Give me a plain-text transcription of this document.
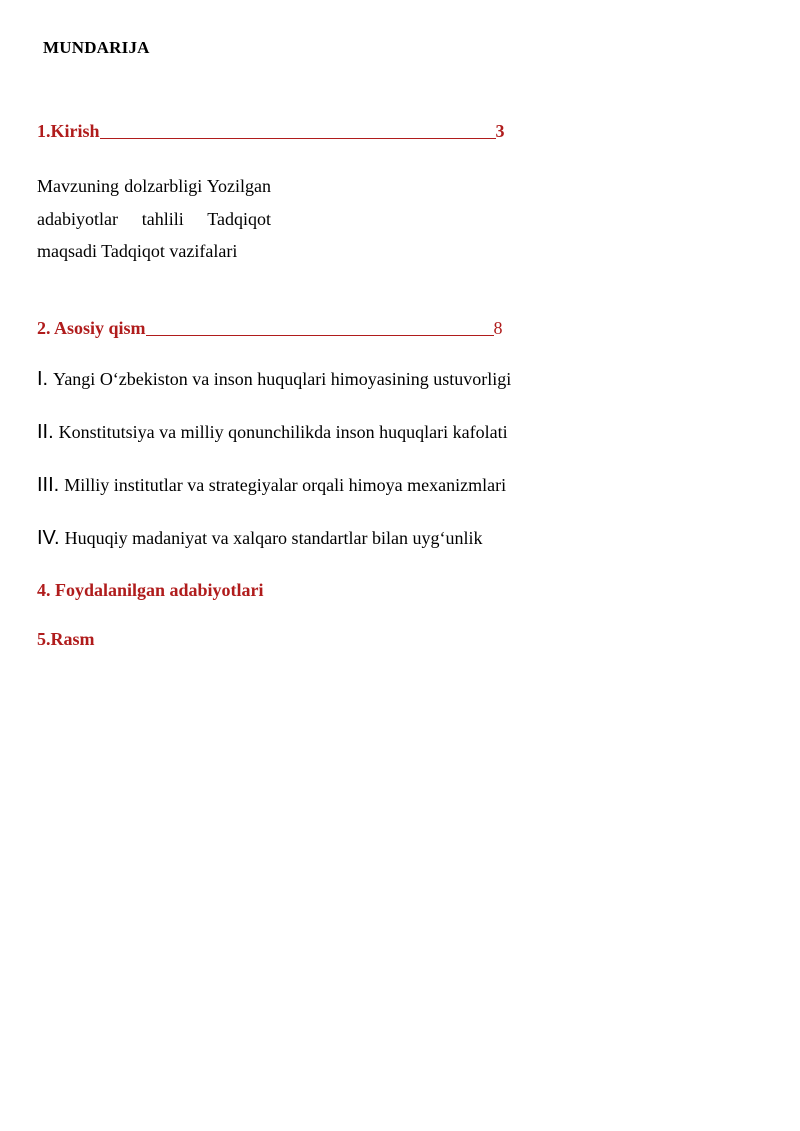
MUNDARIJA
1.Kirish	3
Mavzuning dolzarbligi Yozilgan adabiyotlar tahlili Tadqiqot maqsadi Tadqiqot vazifalari
2. Asosiy qism	8
I. Yangi O‘zbekiston va inson huquqlari himoyasining ustuvorligi
II. Konstitutsiya va milliy qonunchilikda inson huquqlari kafolati
III. Milliy institutlar va strategiyalar orqali himoya mexanizmlari
IV. Huquqiy madaniyat va xalqaro standartlar bilan uyg‘unlik
4. Foydalanilgan adabiyotlari
5.Rasm
